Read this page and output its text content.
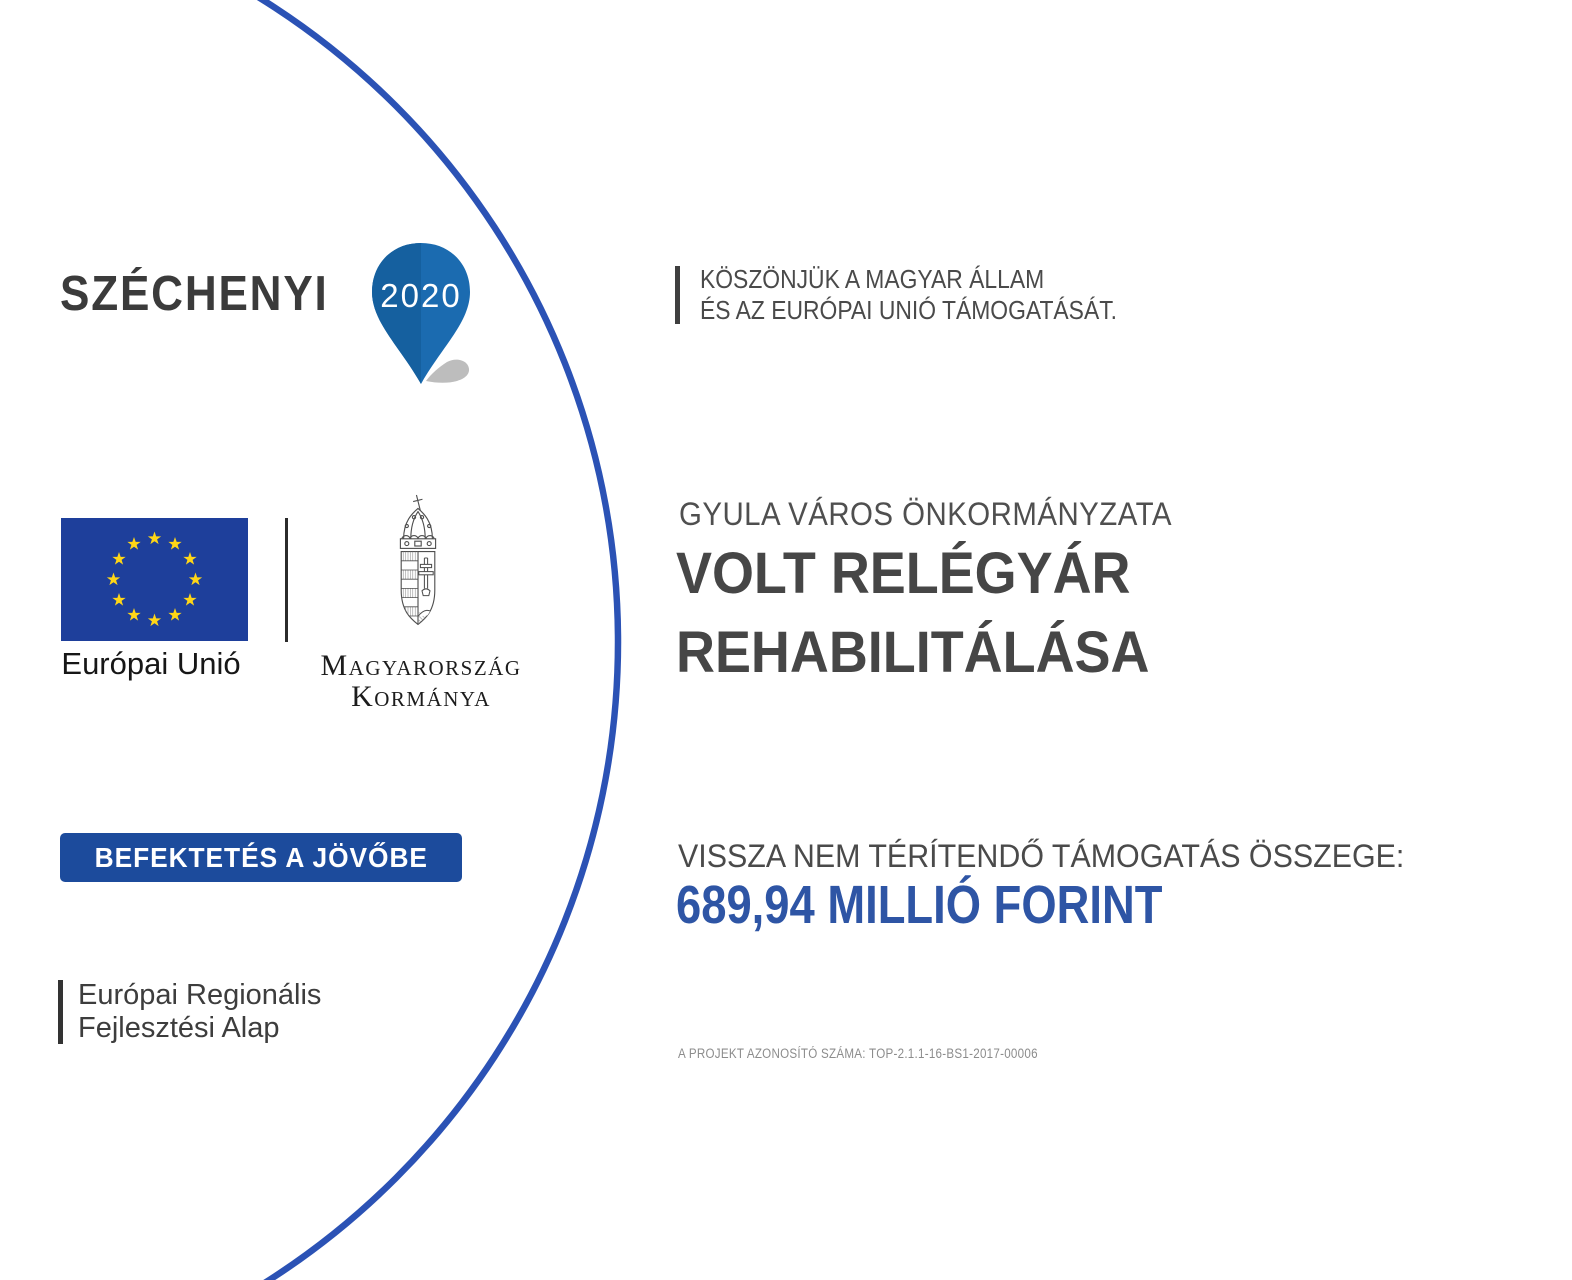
SZÉCHENYI 2020
Európai Unió	Magyarország
Kormánya
BEFEKTETÉS A JÖVŐBE
Európai Regionális
Fejlesztési Alap
KÖSZÖNJÜK A MAGYAR ÁLLAM
ÉS AZ EURÓPAI UNIÓ TÁMOGATÁSÁT.
GYULA VÁROS ÖNKORMÁNYZATA
VOLT RELÉGYÁR
REHABILITÁLÁSA
VISSZA NEM TÉRÍTENDŐ TÁMOGATÁS ÖSSZEGE:
689,94 MILLIÓ FORINT
A PROJEKT AZONOSÍTÓ SZÁMA: TOP-2.1.1-16-BS1-2017-00006
